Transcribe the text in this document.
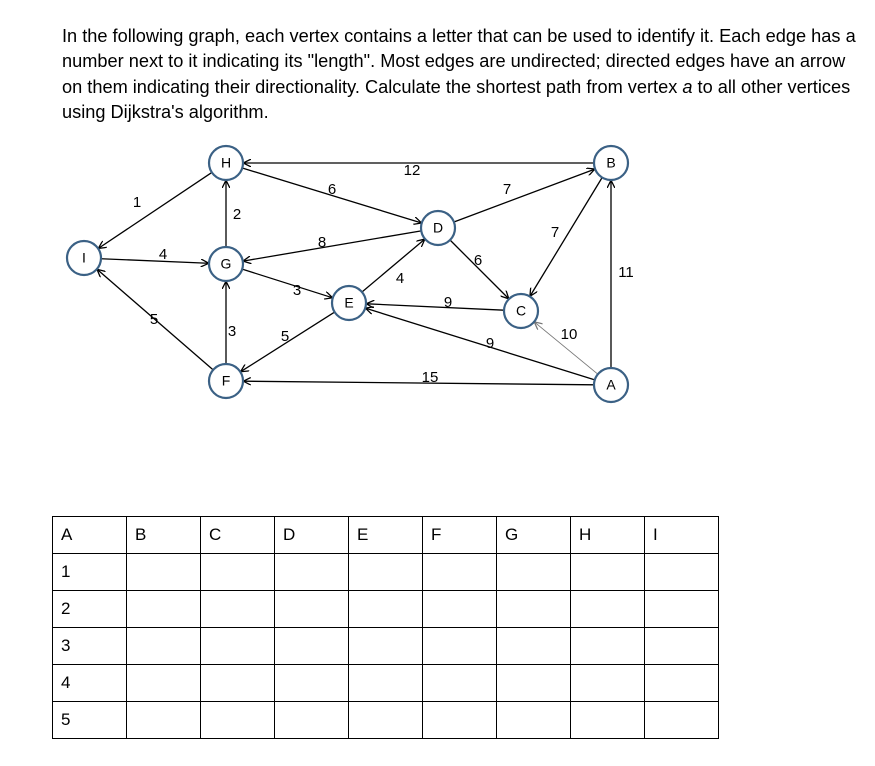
In the following graph, each vertex contains a letter that can be used to identify it. Each edge has a number next to it indicating its "length". Most edges are undirected; directed edges have an arrow on them indicating their directionality. Calculate the shortest path from vertex a to all other vertices using Dijkstra's algorithm.

12
1
6
2
7
7
11
4
8
3
4
6
9
9
10
5
3	5
15
H	B
I	G
D
E	C
F	A
A	B	C	D	E	F	G	H	I
1								
2								
3								
4								
5								
